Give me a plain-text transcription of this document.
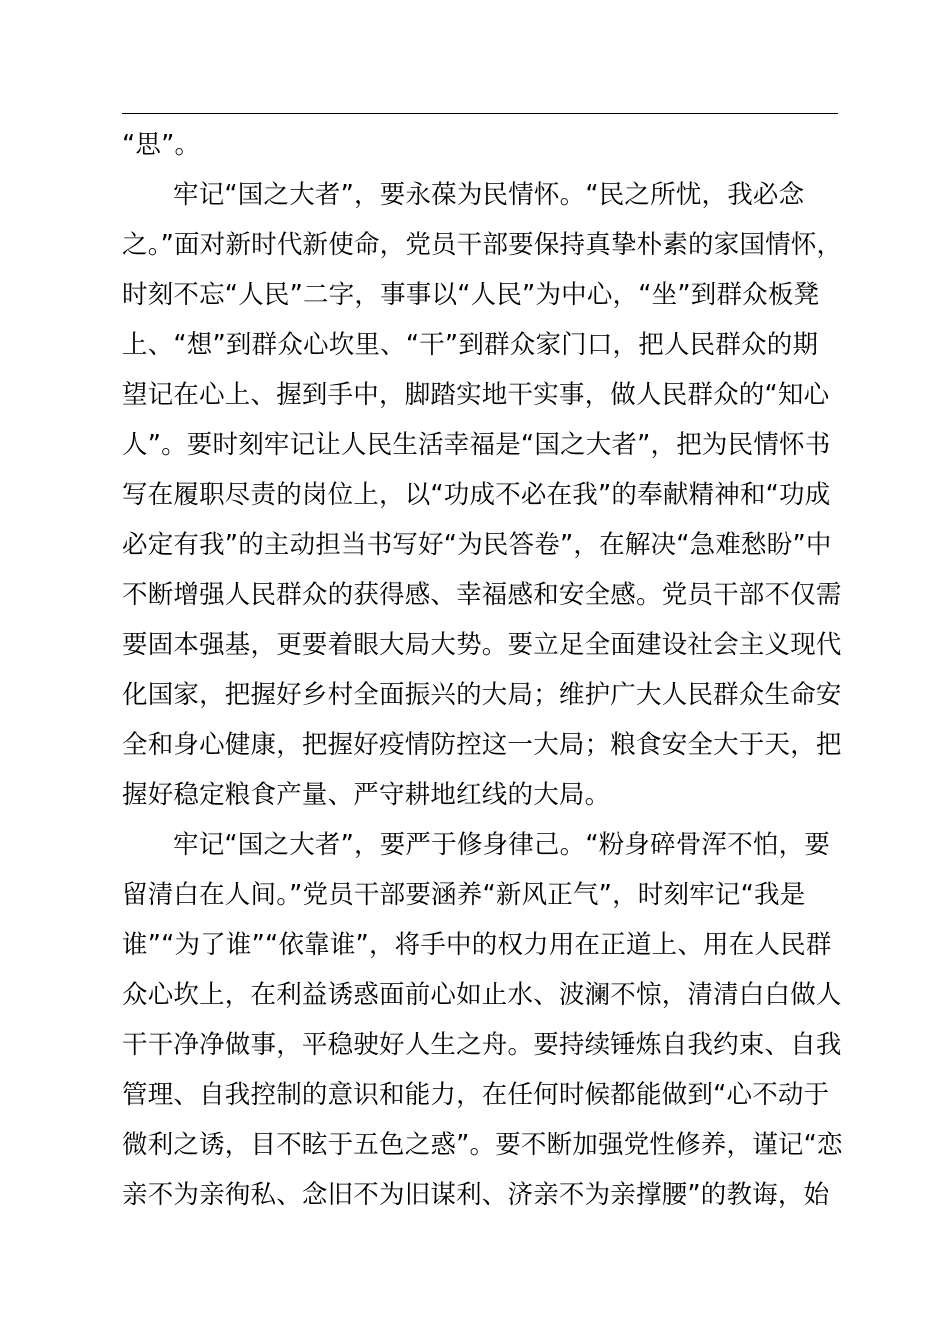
“思”。
牢记“国之大者”，要永葆为民情怀。“民之所忧，我必念
之。”面对新时代新使命，党员干部要保持真挚朴素的家国情怀，
时刻不忘“人民”二字，事事以“人民”为中心，“坐”到群众板凳
上、“想”到群众心坎里、“干”到群众家门口，把人民群众的期
望记在心上、握到手中，脚踏实地干实事，做人民群众的“知心
人”。要时刻牢记让人民生活幸福是“国之大者”，把为民情怀书
写在履职尽责的岗位上，以“功成不必在我”的奉献精神和“功成
必定有我”的主动担当书写好“为民答卷”，在解决“急难愁盼”中
不断增强人民群众的获得感、幸福感和安全感。党员干部不仅需
要固本强基，更要着眼大局大势。要立足全面建设社会主义现代
化国家，把握好乡村全面振兴的大局；维护广大人民群众生命安
全和身心健康，把握好疫情防控这一大局；粮食安全大于天，把
握好稳定粮食产量、严守耕地红线的大局。
牢记“国之大者”，要严于修身律己。“粉身碎骨浑不怕，要
留清白在人间。”党员干部要涵养“新风正气”，时刻牢记“我是
谁”“为了谁”“依靠谁”，将手中的权力用在正道上、用在人民群
众心坎上，在利益诱惑面前心如止水、波澜不惊，清清白白做人
干干净净做事，平稳驶好人生之舟。要持续锤炼自我约束、自我
管理、自我控制的意识和能力，在任何时候都能做到“心不动于
微利之诱，目不眩于五色之惑”。要不断加强党性修养，谨记“恋
亲不为亲徇私、念旧不为旧谋利、济亲不为亲撑腰”的教诲，始
